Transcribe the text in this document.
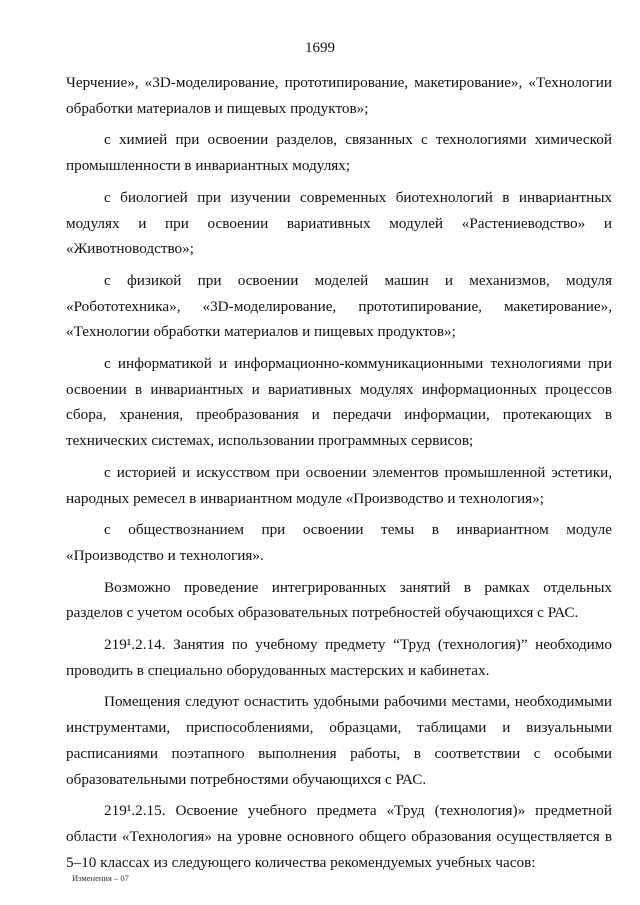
1699

Черчение», «3D-моделирование, прототипирование, макетирование», «Технологии обработки материалов и пищевых продуктов»;

с химией при освоении разделов, связанных с технологиями химической промышленности в инвариантных модулях;

с биологией при изучении современных биотехнологий в инвариантных модулях и при освоении вариативных модулей «Растениеводство» и «Животноводство»;

с физикой при освоении моделей машин и механизмов, модуля «Робототехника», «3D-моделирование, прототипирование, макетирование», «Технологии обработки материалов и пищевых продуктов»;

с информатикой и информационно-коммуникационными технологиями при освоении в инвариантных и вариативных модулях информационных процессов сбора, хранения, преобразования и передачи информации, протекающих в технических системах, использовании программных сервисов;

с историей и искусством при освоении элементов промышленной эстетики, народных ремесел в инвариантном модуле «Производство и технология»;

с обществознанием при освоении темы в инвариантном модуле «Производство и технология».

Возможно проведение интегрированных занятий в рамках отдельных разделов с учетом особых образовательных потребностей обучающихся с РАС.

219¹.2.14. Занятия по учебному предмету “Труд (технология)” необходимо проводить в специально оборудованных мастерских и кабинетах.

Помещения следуют оснастить удобными рабочими местами, необходимыми инструментами, приспособлениями, образцами, таблицами и визуальными расписаниями поэтапного выполнения работы, в соответствии с особыми образовательными потребностями обучающихся с РАС.

219¹.2.15. Освоение учебного предмета «Труд (технология)» предметной области «Технология» на уровне основного общего образования осуществляется в 5–10 классах из следующего количества рекомендуемых учебных часов:

Изменения – 07
